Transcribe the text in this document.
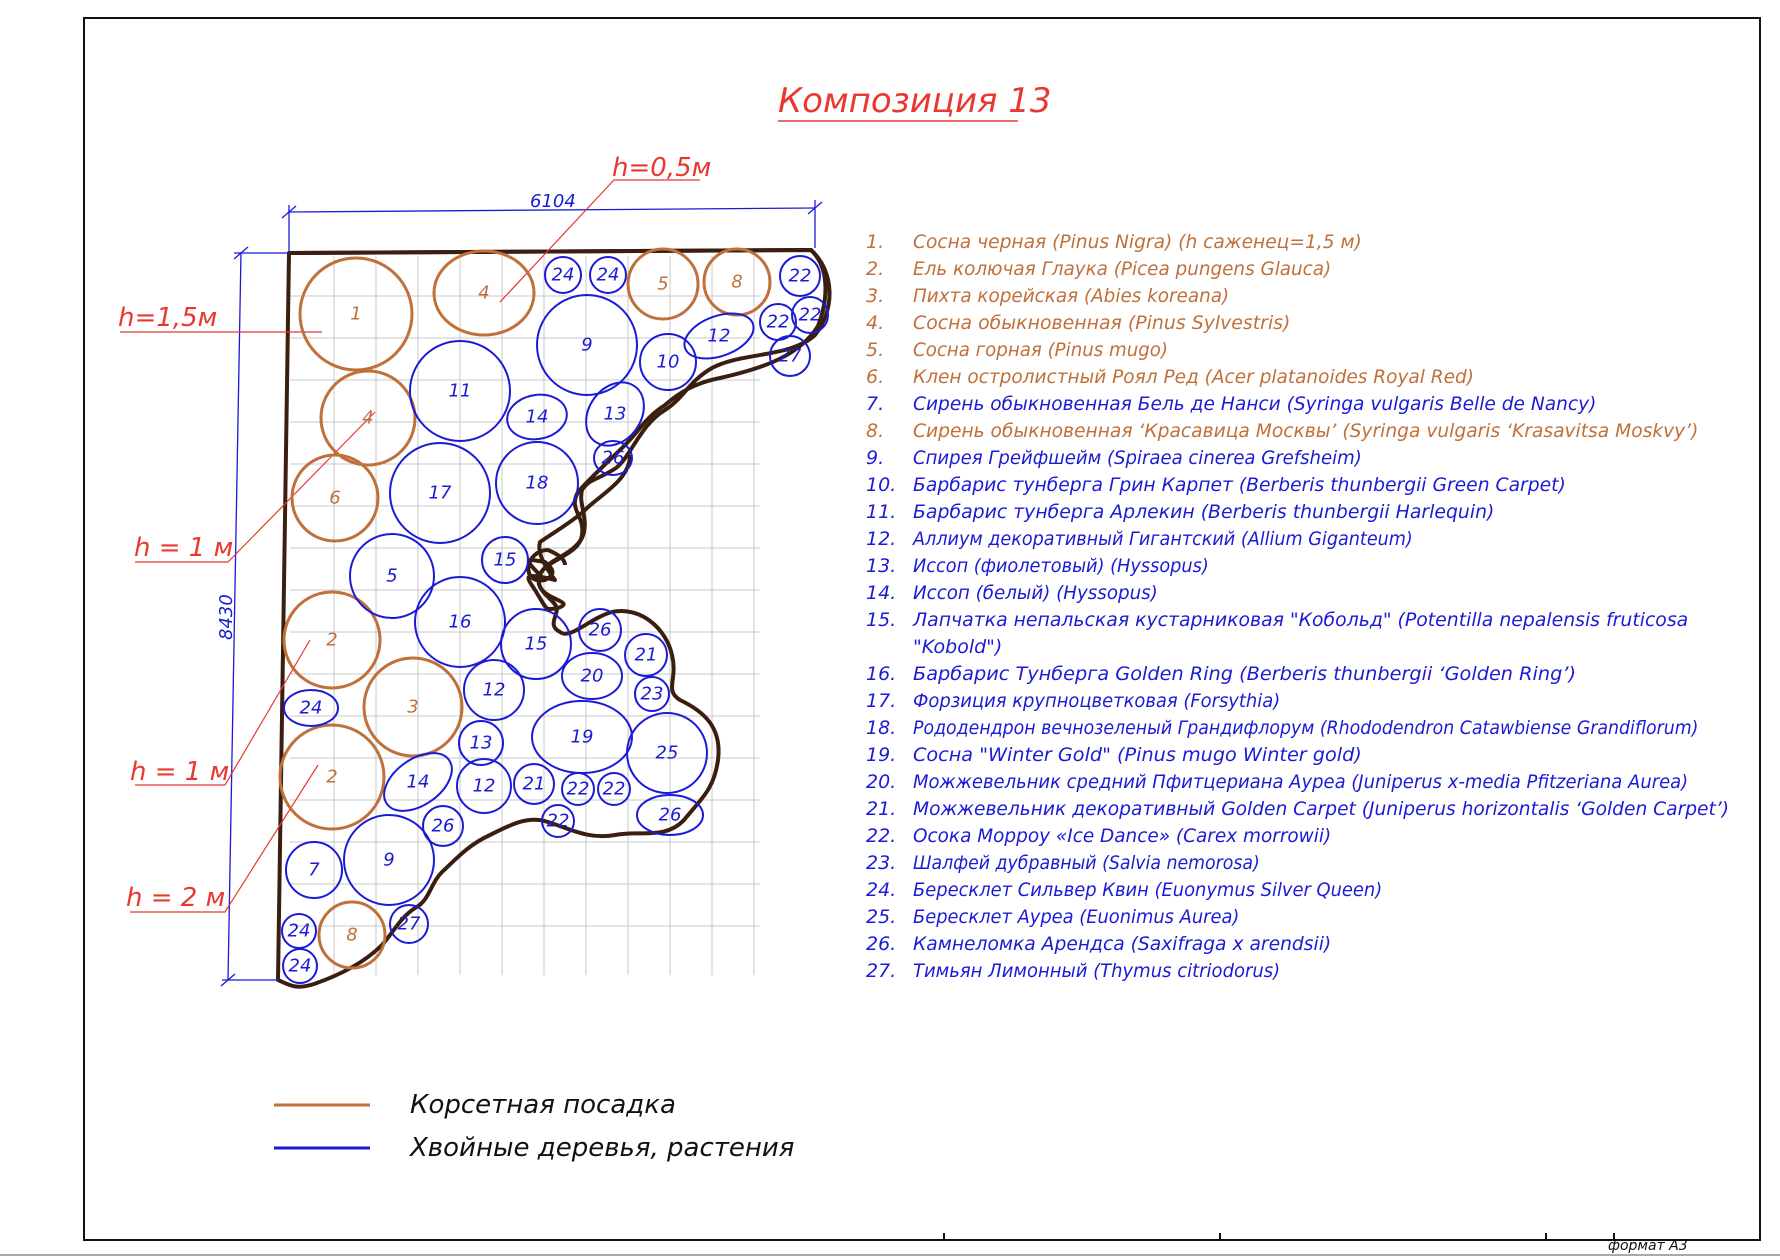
формат А3
Композиция 13
6104
8430
h=0,5м
h=1,5м
h = 1 м
h = 1 м
h = 2 м
1
4	5	8
4
6
2
3
2
8
24 24	22
22
22
12
27
9
10
11
14	13
26
17	18
15
5
16
15
26
21
20
23
12
24
19
25
13
14 12 21 22 22
22
26
26
7	9
27
24
24
1. Сосна черная (Pinus Nigra) (h саженец=1,5 м)
2. Ель колючая Глаука (Picea pungens Glauca)
3. Пихта корейская (Abies koreana)
4. Сосна обыкновенная (Pinus Sylvestris)
5. Сосна горная (Pinus mugo)
6. Клен остролистный Роял Ред (Acer platanoides Royal Red)
7. Сирень обыкновенная Бель де Нанси (Syringa vulgaris Belle de Nancy)
8. Сирень обыкновенная ‘Красавица Москвы’ (Syringa vulgaris ‘Krasavitsa Moskvy’)
9. Спирея Грейфшейм (Spiraea cinerea Grefsheim)
10. Барбарис тунберга Грин Карпет (Berberis thunbergii Green Carpet)
11. Барбарис тунберга Арлекин (Berberis thunbergii Harlequin)
12. Аллиум декоративный Гигантский (Allium Giganteum)
13. Иссоп (фиолетовый) (Hyssopus)
14. Иссоп (белый) (Hyssopus)
15. Лапчатка непальская кустарниковая "Кобольд" (Potentilla nepalensis fruticosa
"Kobold")
16. Барбарис Тунберга Golden Ring (Berberis thunbergii ‘Golden Ring’)
17. Форзиция крупноцветковая (Forsythia)
18. Рододендрон вечнозеленый Грандифлорум (Rhododendron Catawbiense Grandiflorum)
19. Сосна "Winter Gold" (Pinus mugo Winter gold)
20. Можжевельник средний Пфитцериана Аурea (Juniperus x-media Pfitzeriana Aurea)
21. Можжевельник декоративный Golden Carpet (Juniperus horizontalis ‘Golden Carpet’)
22. Осока Морроу «Ice Dance» (Carex morrowii)
23. Шалфей дубравный (Salvia nemorosa)
24. Бересклет Сильвер Квин (Euonymus Silver Queen)
25. Бересклет Аурea (Euonimus Aurea)
26. Камнеломка Арендса (Saxifraga x arendsii)
27. Тимьян Лимонный (Thymus citriodorus)
Корсетная посадка
Хвойные деревья, растения
